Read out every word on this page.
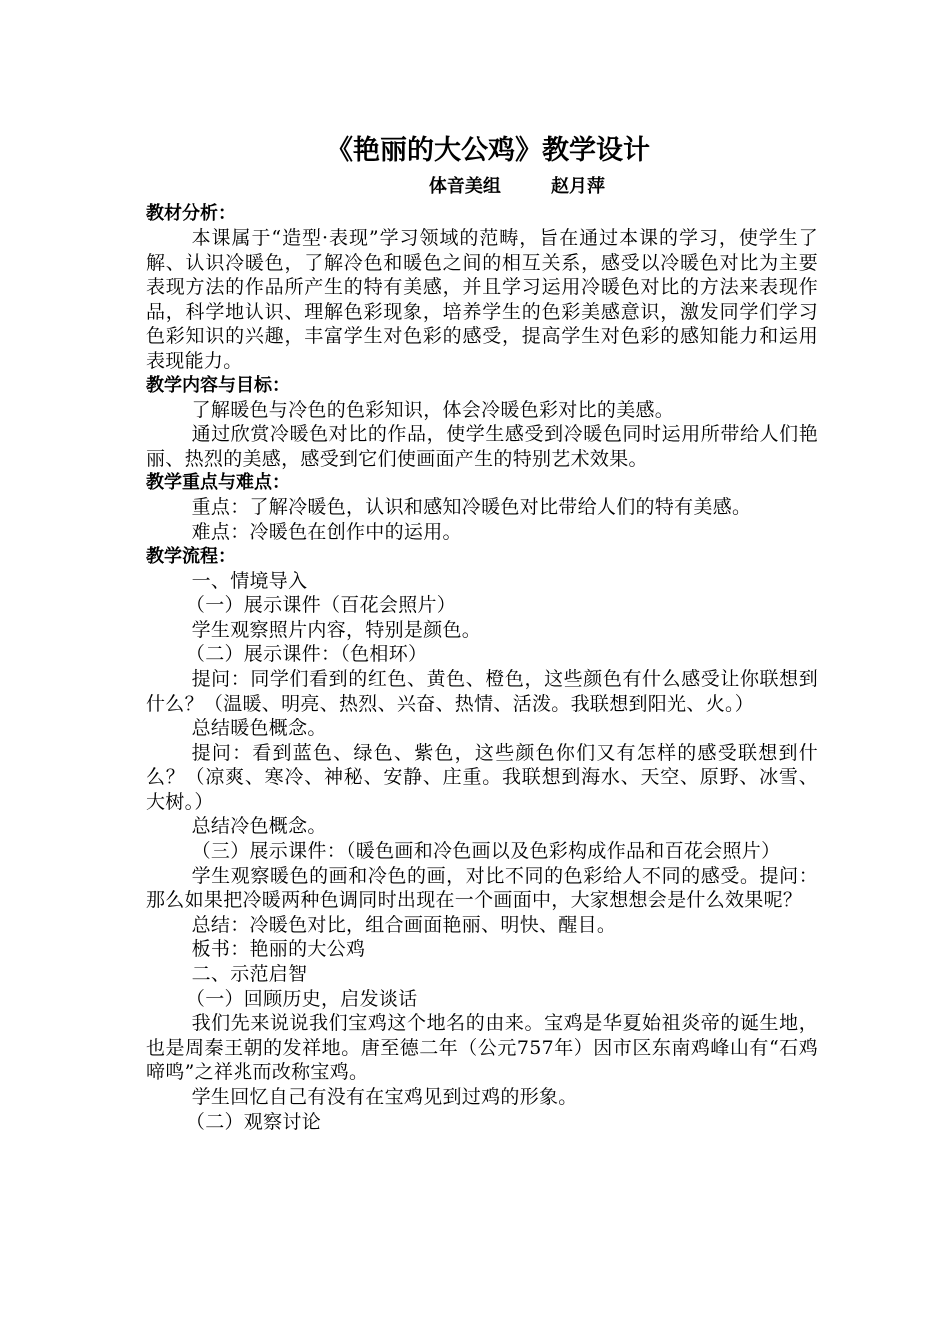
《艳丽的大公鸡》教学设计
体音美组        赵月萍
教材分析：

本课属于“造型·表现”学习领域的范畴，旨在通过本课的学习，使学生了解、认识冷暖色，了解冷色和暖色之间的相互关系，感受以冷暖色对比为主要表现方法的作品所产生的特有美感，并且学习运用冷暖色对比的方法来表现作品，科学地认识、理解色彩现象，培养学生的色彩美感意识，激发同学们学习色彩知识的兴趣，丰富学生对色彩的感受，提高学生对色彩的感知能力和运用表现能力。

教学内容与目标：

了解暖色与冷色的色彩知识，体会冷暖色彩对比的美感。

通过欣赏冷暖色对比的作品，使学生感受到冷暖色同时运用所带给人们艳丽、热烈的美感，感受到它们使画面产生的特别艺术效果。

教学重点与难点：

重点：了解冷暖色，认识和感知冷暖色对比带给人们的特有美感。

难点：冷暖色在创作中的运用。

教学流程：

一、情境导入

（一）展示课件（百花会照片）

学生观察照片内容，特别是颜色。

（二）展示课件：（色相环）

提问：同学们看到的红色、黄色、橙色，这些颜色有什么感受让你联想到什么？（温暖、明亮、热烈、兴奋、热情、活泼。我联想到阳光、火。）

总结暖色概念。

提问：看到蓝色、绿色、紫色，这些颜色你们又有怎样的感受联想到什么？（凉爽、寒冷、神秘、安静、庄重。我联想到海水、天空、原野、冰雪、大树。）

总结冷色概念。

（三）展示课件：（暖色画和冷色画以及色彩构成作品和百花会照片）

学生观察暖色的画和冷色的画，对比不同的色彩给人不同的感受。提问：那么如果把冷暖两种色调同时出现在一个画面中，大家想想会是什么效果呢？

总结：冷暖色对比，组合画面艳丽、明快、醒目。

板书：艳丽的大公鸡

二、示范启智

（一）回顾历史，启发谈话

我们先来说说我们宝鸡这个地名的由来。宝鸡是华夏始祖炎帝的诞生地，也是周秦王朝的发祥地。唐至德二年（公元757年）因市区东南鸡峰山有“石鸡啼鸣”之祥兆而改称宝鸡。

学生回忆自己有没有在宝鸡见到过鸡的形象。

（二）观察讨论
